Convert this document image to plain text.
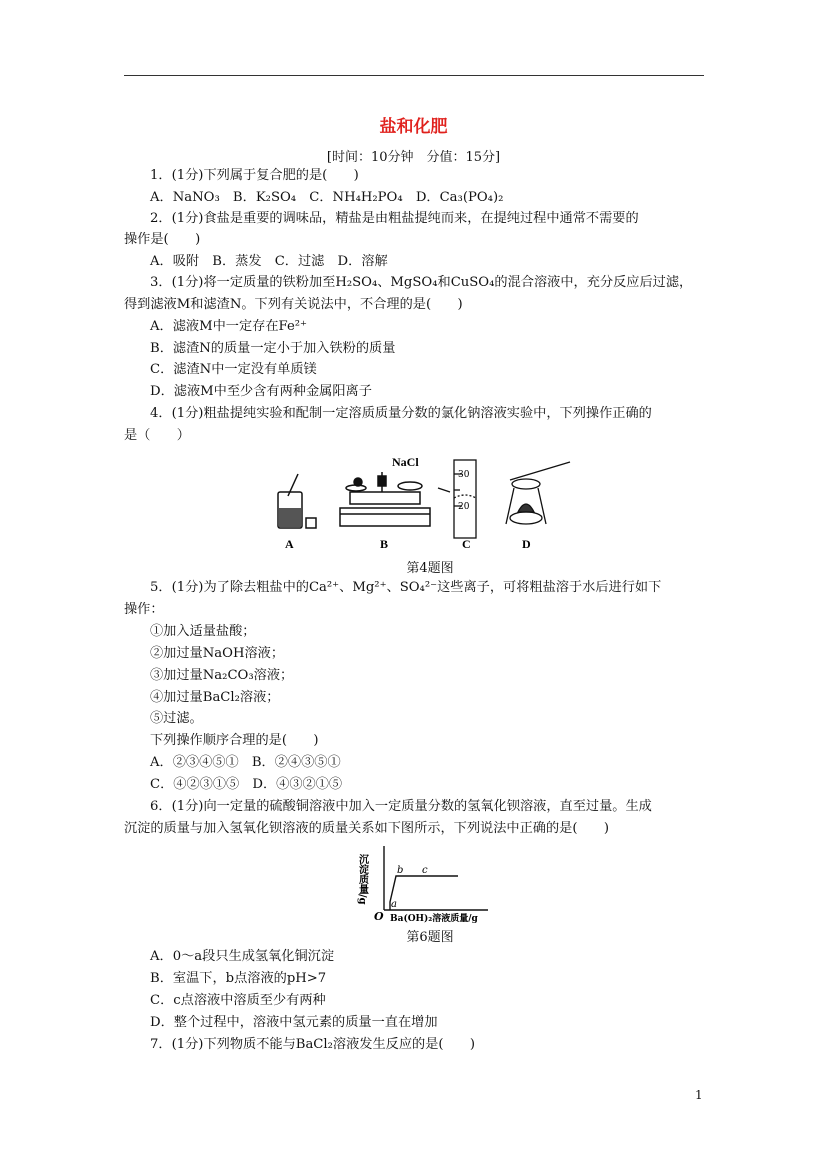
盐和化肥
[时间：10分钟　分值：15分]
1．(1分)下列属于复合肥的是(　　)
A．NaNO₃　B．K₂SO₄　C．NH₄H₂PO₄　D．Ca₃(PO₄)₂
2．(1分)食盐是重要的调味品，精盐是由粗盐提纯而来，在提纯过程中通常不需要的
操作是(　　)
A．吸附　B．蒸发　C．过滤　D．溶解
3．(1分)将一定质量的铁粉加至H₂SO₄、MgSO₄和CuSO₄的混合溶液中，充分反应后过滤，
得到滤液M和滤渣N。下列有关说法中，不合理的是(　　)
A．滤液M中一定存在Fe²⁺
B．滤渣N的质量一定小于加入铁粉的质量
C．滤渣N中一定没有单质镁
D．滤液M中至少含有两种金属阳离子
4．(1分)粗盐提纯实验和配制一定溶质质量分数的氯化钠溶液实验中，下列操作正确的
是（　　）
NaCl
30
20
A	B	C	D
第4题图
5．(1分)为了除去粗盐中的Ca²⁺、Mg²⁺、SO₄²⁻这些离子，可将粗盐溶于水后进行如下
操作：
①加入适量盐酸；
②加过量NaOH溶液；
③加过量Na₂CO₃溶液；
④加过量BaCl₂溶液；
⑤过滤。
下列操作顺序合理的是(　　)
A．②③④⑤①　B．②④③⑤①
C．④②③①⑤　D．④③②①⑤
6．(1分)向一定量的硫酸铜溶液中加入一定质量分数的氢氧化钡溶液，直至过量。生成
沉淀的质量与加入氢氧化钡溶液的质量关系如下图所示，下列说法中正确的是(　　)
沉淀质量/g
O
a
b c
Ba(OH)₂溶液质量/g
第6题图
A．0～a段只生成氢氧化铜沉淀
B．室温下，b点溶液的pH>7
C．c点溶液中溶质至少有两种
D．整个过程中，溶液中氢元素的质量一直在增加
7．(1分)下列物质不能与BaCl₂溶液发生反应的是(　　)
1
